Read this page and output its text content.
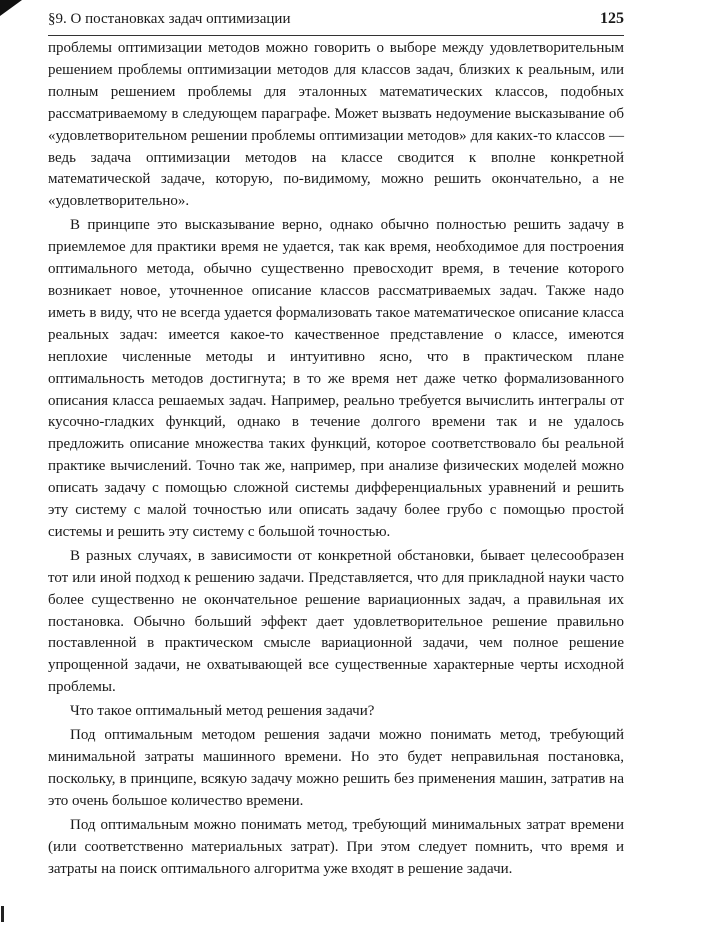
§9. О постановках задач оптимизации	125

проблемы оптимизации методов можно говорить о выборе между удовлетворительным решением проблемы оптимизации методов для классов задач, близких к реальным, или полным решением проблемы для эталонных математических классов, подобных рассматриваемому в следующем параграфе. Может вызвать недоумение высказывание об «удовлетворительном решении проблемы оптимизации методов» для каких-то классов — ведь задача оптимизации методов на классе сводится к вполне конкретной математической задаче, которую, по-видимому, можно решить окончательно, а не «удовлетворительно».

В принципе это высказывание верно, однако обычно полностью решить задачу в приемлемое для практики время не удается, так как время, необходимое для построения оптимального метода, обычно существенно превосходит время, в течение которого возникает новое, уточненное описание классов рассматриваемых задач. Также надо иметь в виду, что не всегда удается формализовать такое математическое описание класса реальных задач: имеется какое-то качественное представление о классе, имеются неплохие численные методы и интуитивно ясно, что в практическом плане оптимальность методов достигнута; в то же время нет даже четко формализованного описания класса решаемых задач. Например, реально требуется вычислить интегралы от кусочно-гладких функций, однако в течение долгого времени так и не удалось предложить описание множества таких функций, которое соответствовало бы реальной практике вычислений. Точно так же, например, при анализе физических моделей можно описать задачу с помощью сложной системы дифференциальных уравнений и решить эту систему с малой точностью или описать задачу более грубо с помощью простой системы и решить эту систему с большой точностью.

В разных случаях, в зависимости от конкретной обстановки, бывает целесообразен тот или иной подход к решению задачи. Представляется, что для прикладной науки часто более существенно не окончательное решение вариационных задач, а правильная их постановка. Обычно больший эффект дает удовлетворительное решение правильно поставленной в практическом смысле вариационной задачи, чем полное решение упрощенной задачи, не охватывающей все существенные характерные черты исходной проблемы.

Что такое оптимальный метод решения задачи?

Под оптимальным методом решения задачи можно понимать метод, требующий минимальной затраты машинного времени. Но это будет неправильная постановка, поскольку, в принципе, всякую задачу можно решить без применения машин, затратив на это очень большое количество времени.

Под оптимальным можно понимать метод, требующий минимальных затрат времени (или соответственно материальных затрат). При этом следует помнить, что время и затраты на поиск оптимального алгоритма уже входят в решение задачи.
